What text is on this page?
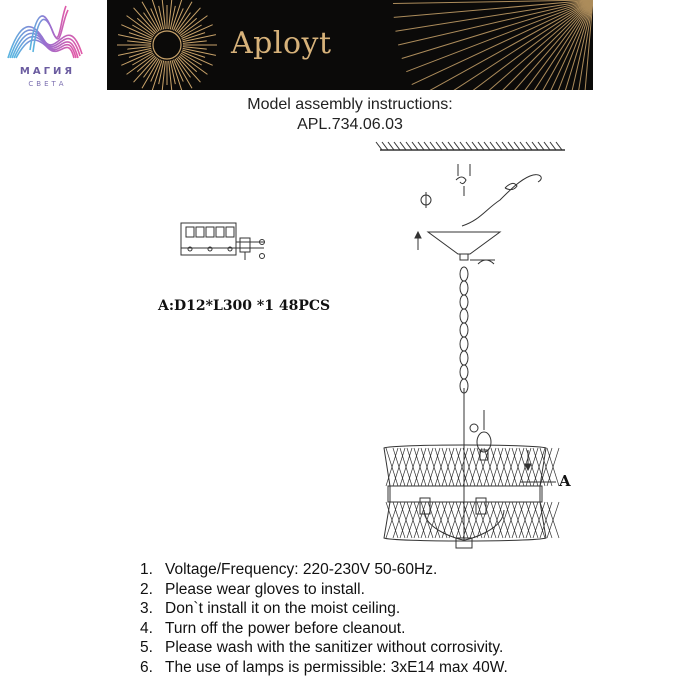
МАГИЯ
СВЕТА
Aployt
Model assembly instructions:
APL.734.06.03
A:D12*L300 *1 48PCS
A
1. Voltage/Frequency: 220-230V 50-60Hz.
2. Please wear gloves to install.
3. Don`t install it on the moist ceiling.
4. Turn off the power before cleanout.
5. Please wash with the sanitizer without corrosivity.
6. The use of lamps is permissible: 3xE14 max 40W.
